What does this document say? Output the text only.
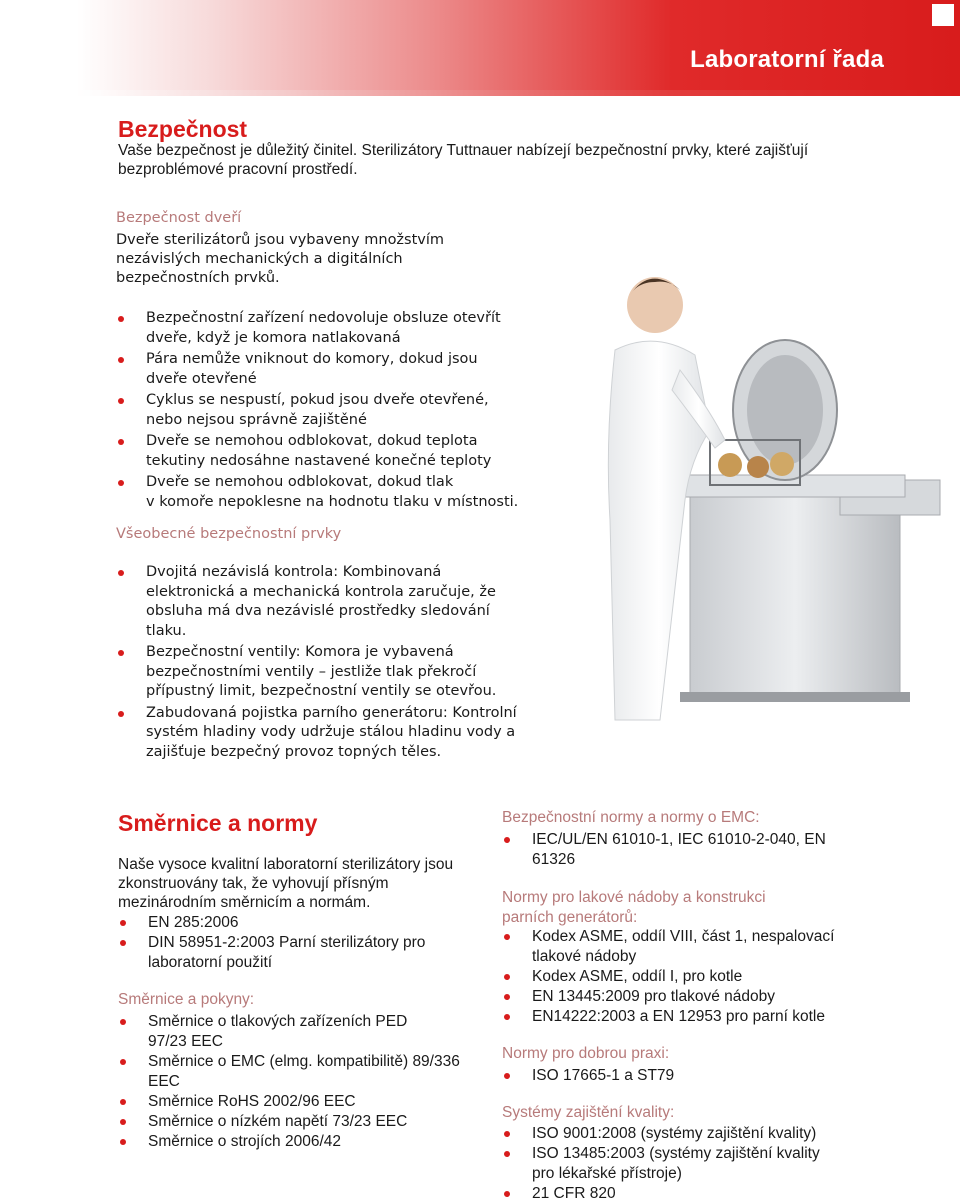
Laboratorní řada
Bezpečnost
Vaše bezpečnost je důležitý činitel. Sterilizátory Tuttnauer nabízejí bezpečnostní prvky, které zajišťují
bezproblémové pracovní prostředí.
Bezpečnost dveří
Dveře sterilizátorů jsou vybaveny množstvím
nezávislých mechanických a digitálních
bezpečnostních prvků.
Bezpečnostní zařízení nedovoluje obsluze otevřít
dveře, když je komora natlakovaná
Pára nemůže vniknout do komory, dokud jsou
dveře otevřené
Cyklus se nespustí, pokud jsou dveře otevřené,
nebo nejsou správně zajištěné
Dveře se nemohou odblokovat, dokud teplota
tekutiny nedosáhne nastavené konečné teploty
Dveře se nemohou odblokovat, dokud tlak
v komoře nepoklesne na hodnotu tlaku v místnosti.
Všeobecné bezpečnostní prvky
Dvojitá nezávislá kontrola: Kombinovaná
elektronická a mechanická kontrola zaručuje, že
obsluha má dva nezávislé prostředky sledování
tlaku.
Bezpečnostní ventily: Komora je vybavená
bezpečnostními ventily – jestliže tlak překročí
přípustný limit, bezpečnostní ventily se otevřou.
Zabudovaná pojistka parního generátoru: Kontrolní
systém hladiny vody udržuje stálou hladinu vody a
zajišťuje bezpečný provoz topných těles.
Směrnice a normy
Naše vysoce kvalitní laboratorní sterilizátory jsou
zkonstruovány tak, že vyhovují přísným
mezinárodním směrnicím a normám.
EN 285:2006
DIN 58951-2:2003 Parní sterilizátory pro
laboratorní použití
Směrnice a pokyny:
Směrnice o tlakových zařízeních PED
97/23 EEC
Směrnice o EMC (elmg. kompatibilitě) 89/336
EEC
Směrnice RoHS 2002/96 EEC
Směrnice o nízkém napětí 73/23 EEC
Směrnice o strojích 2006/42
Bezpečnostní normy a normy o EMC:
IEC/UL/EN 61010-1, IEC 61010-2-040, EN
61326
Normy pro lakové nádoby a konstrukci
parních generátorů:
Kodex ASME, oddíl VIII, část 1, nespalovací
tlakové nádoby
Kodex ASME, oddíl I, pro kotle
EN 13445:2009 pro tlakové nádoby
EN14222:2003 a EN 12953 pro parní kotle
Normy pro dobrou praxi:
ISO 17665-1 a ST79
Systémy zajištění kvality:
ISO 9001:2008 (systémy zajištění kvality)
ISO 13485:2003 (systémy zajištění kvality
pro lékařské přístroje)
21 CFR 820
